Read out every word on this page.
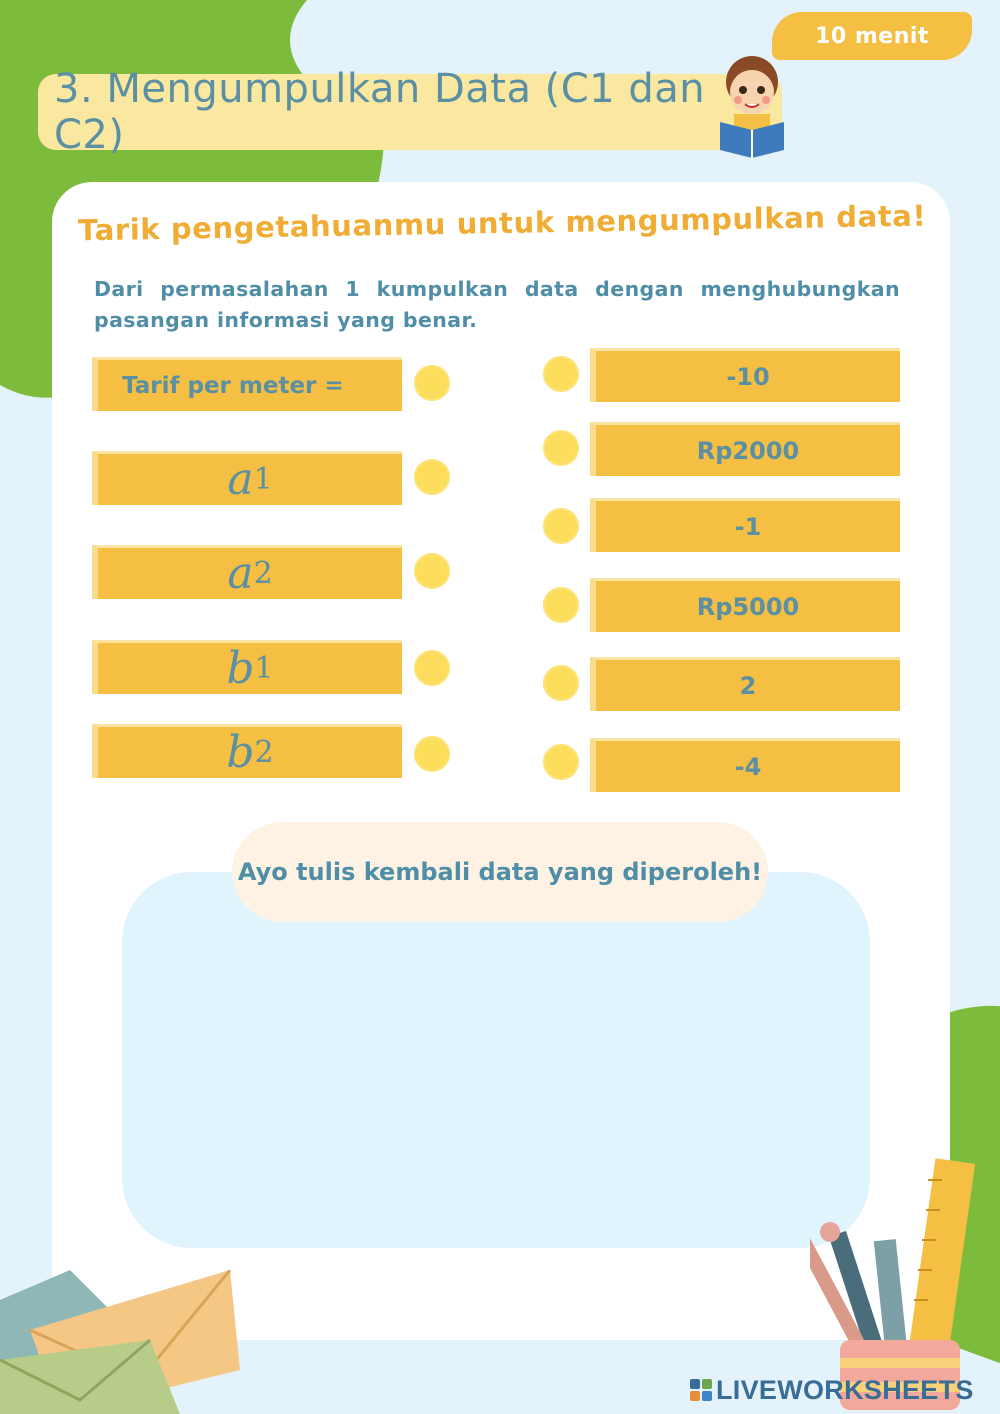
10 menit
3. Mengumpulkan Data (C1 dan C2)
Tarik pengetahuanmu untuk mengumpulkan data!
Dari permasalahan 1 kumpulkan data dengan menghubungkan pasangan informasi yang benar.
Tarif per meter =
a 1
a 2
b 1
b 2
-10
Rp2000
-1
Rp5000
2
-4
Ayo tulis kembali data yang diperoleh!
LIVEWORKSHEETS
